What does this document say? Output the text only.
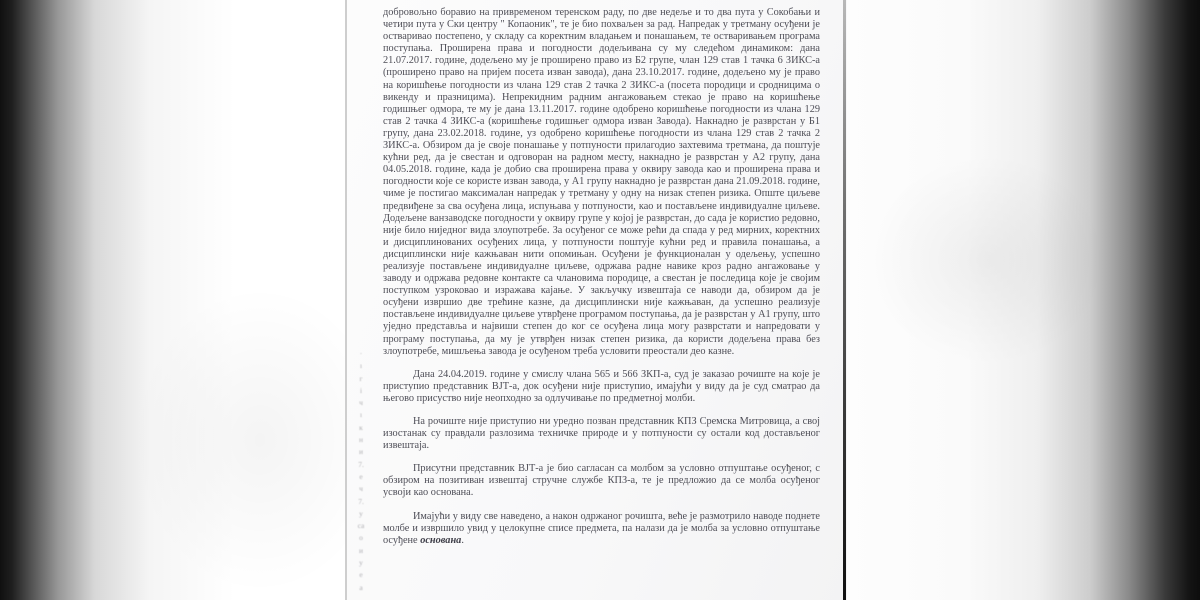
·
ı
г
і
ч
ı
к
н
и
7.
е
ч
7.
у
са
о
и
у
е
а

добровољно боравио на привременом теренском раду, по две недеље и то два пута у Сокобањи и четири пута у Ски центру " Копаоник", те је био похваљен за рад. Напредак у третману осуђени је остваривао постепено, у складу са коректним владањем и понашањем, те остваривањем програма поступања. Проширена права и погодности додељивана су му следећом динамиком: дана 21.07.2017. године, додељено му је проширено право из Б2 групе, члан 129 став 1 тачка 6 ЗИКС-а (проширено право на пријем посета изван завода), дана 23.10.2017. године, додељено му је право на коришћење погодности из члана 129 став 2 тачка 2 ЗИКС-а (посета породици и сродницима о викенду и празницима). Непрекидним радним ангажовањем стекао је право на коришћење годишњег одмора, те му је дана 13.11.2017. године одобрено коришћење погодности из члана 129 став 2 тачка 4 ЗИКС-а (коришћење годишњег одмора изван Завода). Накнадно је разврстан у Б1 групу, дана 23.02.2018. године, уз одобрено коришћење погодности из члана 129 став 2 тачка 2 ЗИКС-а. Обзиром да је своје понашање у потпуности прилагодио захтевима третмана, да поштује кућни ред, да је свестан и одговоран на радном месту, накнадно је разврстан у А2 групу, дана 04.05.2018. године, када је добио сва проширена права у оквиру завода као и проширена права и погодности које се користе изван завода, у А1 групу накнадно је разврстан дана 21.09.2018. године, чиме је постигао максималан напредак у третману у одну на низак степен ризика. Опште циљеве предвиђене за сва осуђена лица, испуњава у потпуности, као и постављене индивидуалне циљеве. Додељене ванзаводске погодности у оквиру групе у којој је разврстан, до сада је користио редовно, није било ниједног вида злоупотребе. За осуђеног се може рећи да спада у ред мирних, коректних и дисциплинованих осуђених лица, у потпуности поштује кућни ред и правила понашања, а дисциплински није кажњаван нити опомињан. Осуђени је функционалан у одељењу, успешно реализује постављене индивидуалне циљеве, одржава радне навике кроз радно ангажовање у заводу и одржава редовне контакте са члановима породице, а свестан је последица које је својим поступком узроковао и изражава кајање. У закључку извештаја се наводи да, обзиром да је осуђени извршио две трећине казне, да дисциплински није кажњаван, да успешно реализује постављене индивидуалне циљеве утврђене програмом поступања, да је разврстан у А1 групу, што уједно представља и највиши степен до ког се осуђена лица могу разврстати и напредовати у програму поступања, да му је утврђен низак степен ризика, да користи додељена права без злоупотребе, мишљења завода је осуђеном треба условити преостали део казне.

Дана 24.04.2019. године у смислу члана 565 и 566 ЗКП-а, суд је заказао рочиште на које је приступио представник ВЈТ-а, док осуђени није приступио, имајући у виду да је суд сматрао да његово присуство није неопходно за одлучивање по предметној молби.

На рочиште није приступио ни уредно позван представник КПЗ Сремска Митровица, а свој изостанак су правдали разлозима техничке природе и у потпуности су остали код достављеног извештаја.

Присутни представник ВЈТ-а је био сагласан са молбом за условно отпуштање осуђеног, с обзиром на позитиван извештај стручне службе КПЗ-а, те је предложио да се молба осуђеног усвоји као основана.

Имајући у виду све наведено, а након одржаног рочишта, веће је размотрило наводе поднете молбе и извршило увид у целокупне списе предмета, па налази да је молба за условно отпуштање осуђене основана.
